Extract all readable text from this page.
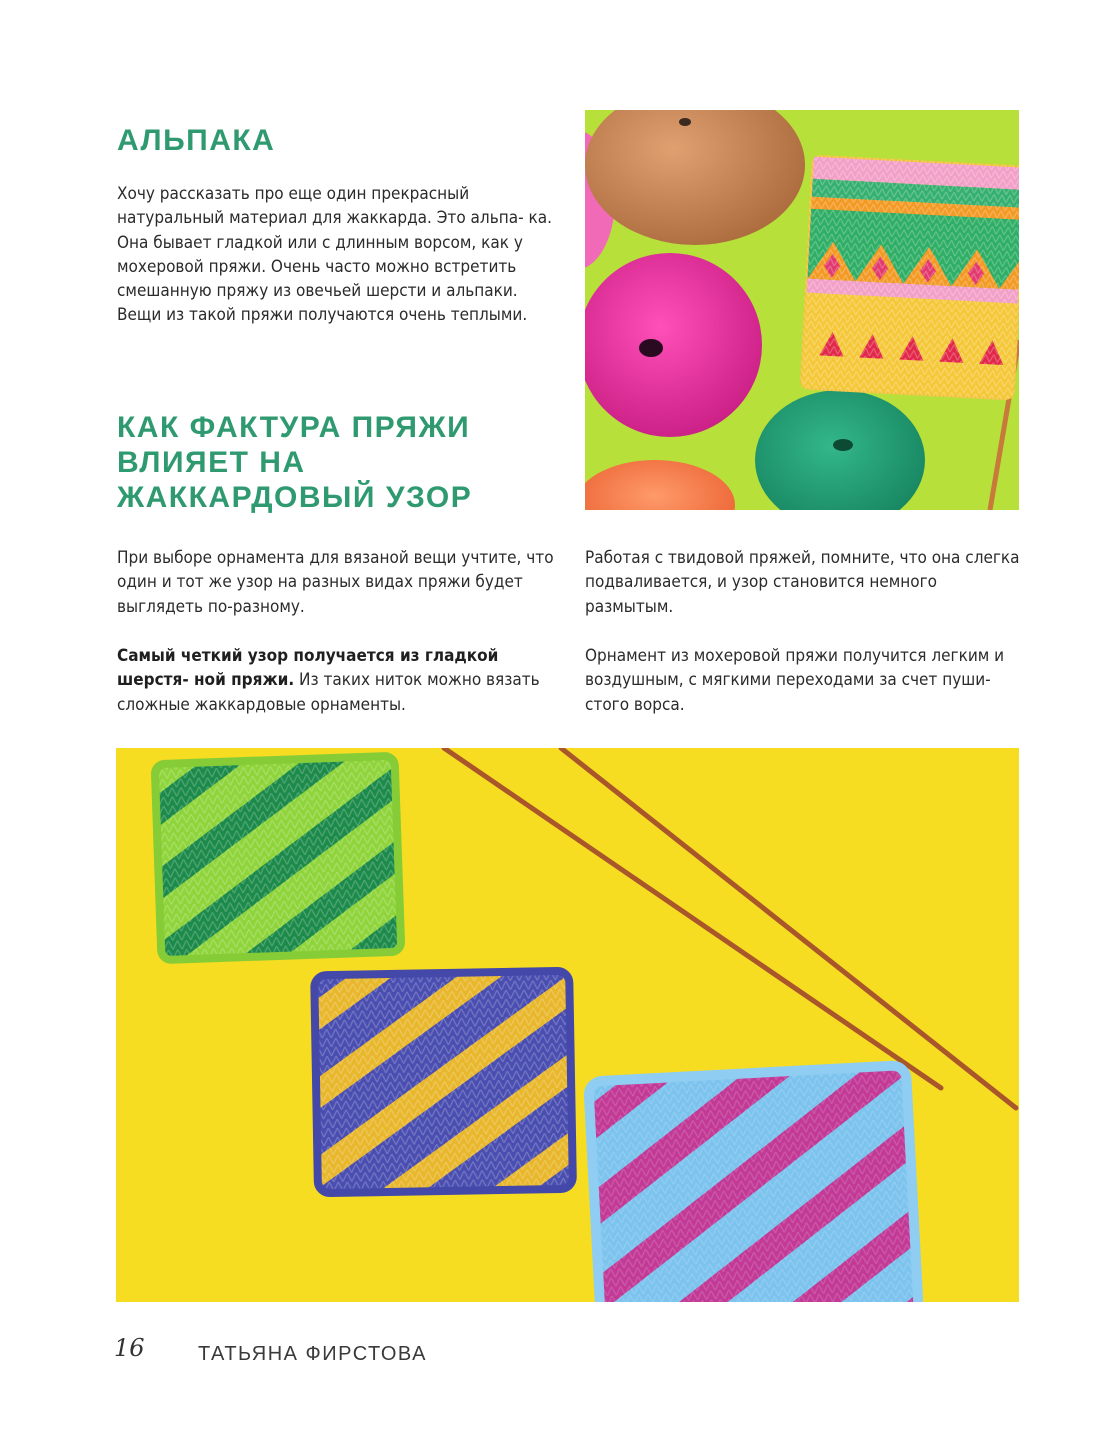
АЛЬПАКА

Хочу рассказать про еще один прекрасный натуральный материал для жаккарда. Это альпа- ка. Она бывает гладкой или с длинным ворсом, как у мохеровой пряжи. Очень часто можно встретить смешанную пряжу из овечьей шерсти и альпаки. Вещи из такой пряжи получаются очень теплыми.

КАК ФАКТУРА ПРЯЖИ ВЛИЯЕТ НА ЖАККАРДОВЫЙ УЗОР

При выборе орнамента для вязаной вещи учтите, что один и тот же узор на разных видах пряжи будет выглядеть по-разному.

Самый четкий узор получается из гладкой шерстя- ной пряжи. Из таких ниток можно вязать сложные жаккардовые орнаменты.

Работая с твидовой пряжей, помните, что она слегка подваливается, и узор становится немного размытым.

Орнамент из мохеровой пряжи получится легким и воздушным, с мягкими переходами за счет пуши- стого ворса.

16	ТАТЬЯНА ФИРСТОВА
